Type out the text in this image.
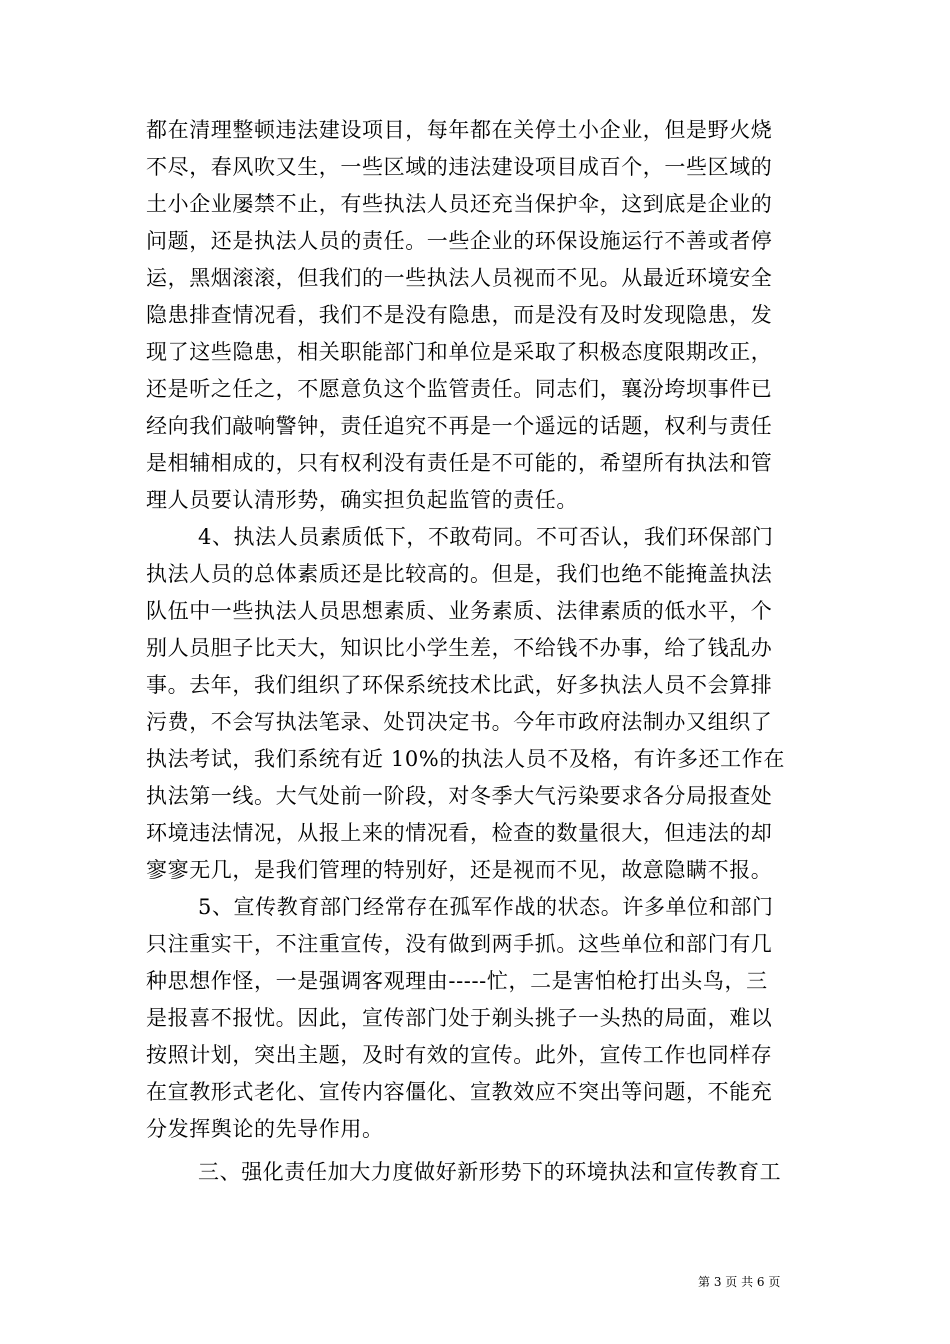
都在清理整顿违法建设项目，每年都在关停土小企业，但是野火烧
不尽，春风吹又生，一些区域的违法建设项目成百个，一些区域的
土小企业屡禁不止，有些执法人员还充当保护伞，这到底是企业的
问题，还是执法人员的责任。一些企业的环保设施运行不善或者停
运，黑烟滚滚，但我们的一些执法人员视而不见。从最近环境安全
隐患排查情况看，我们不是没有隐患，而是没有及时发现隐患，发
现了这些隐患，相关职能部门和单位是采取了积极态度限期改正，
还是听之任之，不愿意负这个监管责任。同志们，襄汾垮坝事件已
经向我们敲响警钟，责任追究不再是一个遥远的话题，权利与责任
是相辅相成的，只有权利没有责任是不可能的，希望所有执法和管
理人员要认清形势，确实担负起监管的责任。
4、执法人员素质低下，不敢苟同。不可否认，我们环保部门
执法人员的总体素质还是比较高的。但是，我们也绝不能掩盖执法
队伍中一些执法人员思想素质、业务素质、法律素质的低水平，个
别人员胆子比天大，知识比小学生差，不给钱不办事，给了钱乱办
事。去年，我们组织了环保系统技术比武，好多执法人员不会算排
污费，不会写执法笔录、处罚决定书。今年市政府法制办又组织了
执法考试，我们系统有近 10%的执法人员不及格，有许多还工作在
执法第一线。大气处前一阶段，对冬季大气污染要求各分局报查处
环境违法情况，从报上来的情况看，检查的数量很大，但违法的却
寥寥无几，是我们管理的特别好，还是视而不见，故意隐瞒不报。
5、宣传教育部门经常存在孤军作战的状态。许多单位和部门
只注重实干，不注重宣传，没有做到两手抓。这些单位和部门有几
种思想作怪，一是强调客观理由-----忙，二是害怕枪打出头鸟，三
是报喜不报忧。因此，宣传部门处于剃头挑子一头热的局面，难以
按照计划，突出主题，及时有效的宣传。此外，宣传工作也同样存
在宣教形式老化、宣传内容僵化、宣教效应不突出等问题，不能充
分发挥舆论的先导作用。
三、强化责任加大力度做好新形势下的环境执法和宣传教育工
第 3 页 共 6 页
